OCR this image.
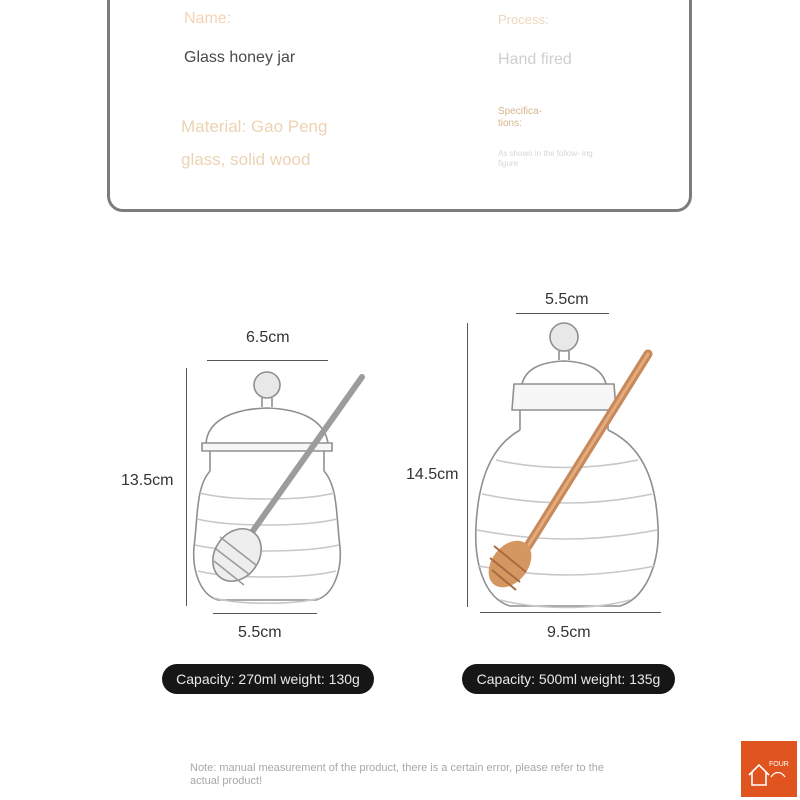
Name:
Glass honey jar
Process:
Hand fired
Material: Gao Peng glass, solid wood
Specifica- tions:
As shown in the follow- ing figure
6.5cm
13.5cm
5.5cm
5.5cm
14.5cm
9.5cm
Capacity: 270ml weight: 130g	Capacity: 500ml weight: 135g
Note: manual measurement of the product, there is a certain error, please refer to the actual product!
FOUR
